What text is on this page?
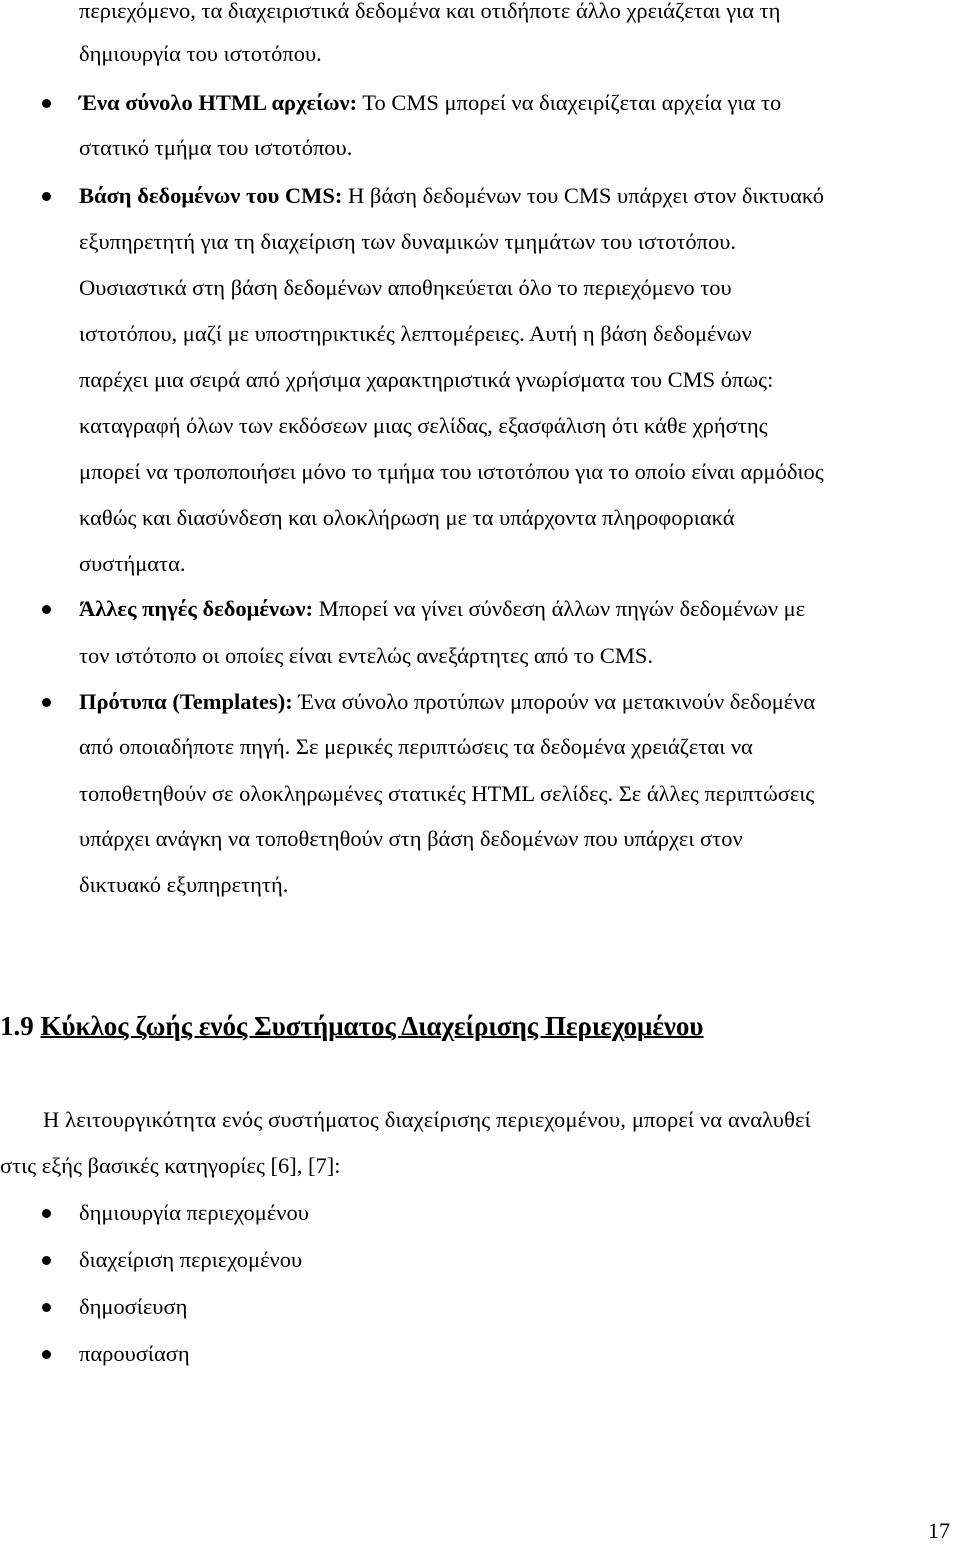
περιεχόμενο, τα διαχειριστικά δεδομένα και οτιδήποτε άλλο χρειάζεται για τη
δημιουργία του ιστοτόπου.
Ένα σύνολο HTML αρχείων: Το CMS μπορεί να διαχειρίζεται αρχεία για το
στατικό τμήμα του ιστοτόπου.
Βάση δεδομένων του CMS: Η βάση δεδομένων του CMS υπάρχει στον δικτυακό
εξυπηρετητή για τη διαχείριση των δυναμικών τμημάτων του ιστοτόπου.
Ουσιαστικά στη βάση δεδομένων αποθηκεύεται όλο το περιεχόμενο του
ιστοτόπου, μαζί με υποστηρικτικές λεπτομέρειες. Αυτή η βάση δεδομένων
παρέχει μια σειρά από χρήσιμα χαρακτηριστικά γνωρίσματα του CMS όπως:
καταγραφή όλων των εκδόσεων μιας σελίδας, εξασφάλιση ότι κάθε χρήστης
μπορεί να τροποποιήσει μόνο το τμήμα του ιστοτόπου για το οποίο είναι αρμόδιος
καθώς και διασύνδεση και ολοκλήρωση με τα υπάρχοντα πληροφοριακά
συστήματα.
Άλλες πηγές δεδομένων: Μπορεί να γίνει σύνδεση άλλων πηγών δεδομένων με
τον ιστότοπο οι οποίες είναι εντελώς ανεξάρτητες από το CMS.
Πρότυπα (Templates): Ένα σύνολο προτύπων μπορούν να μετακινούν δεδομένα
από οποιαδήποτε πηγή. Σε μερικές περιπτώσεις τα δεδομένα χρειάζεται να
τοποθετηθούν σε ολοκληρωμένες στατικές HTML σελίδες. Σε άλλες περιπτώσεις
υπάρχει ανάγκη να τοποθετηθούν στη βάση δεδομένων που υπάρχει στον
δικτυακό εξυπηρετητή.
1.9 Κύκλος ζωής ενός Συστήματος Διαχείρισης Περιεχομένου
Η λειτουργικότητα ενός συστήματος διαχείρισης περιεχομένου, μπορεί να αναλυθεί
στις εξής βασικές κατηγορίες [6], [7]:
δημιουργία περιεχομένου
διαχείριση περιεχομένου
δημοσίευση
παρουσίαση
17
